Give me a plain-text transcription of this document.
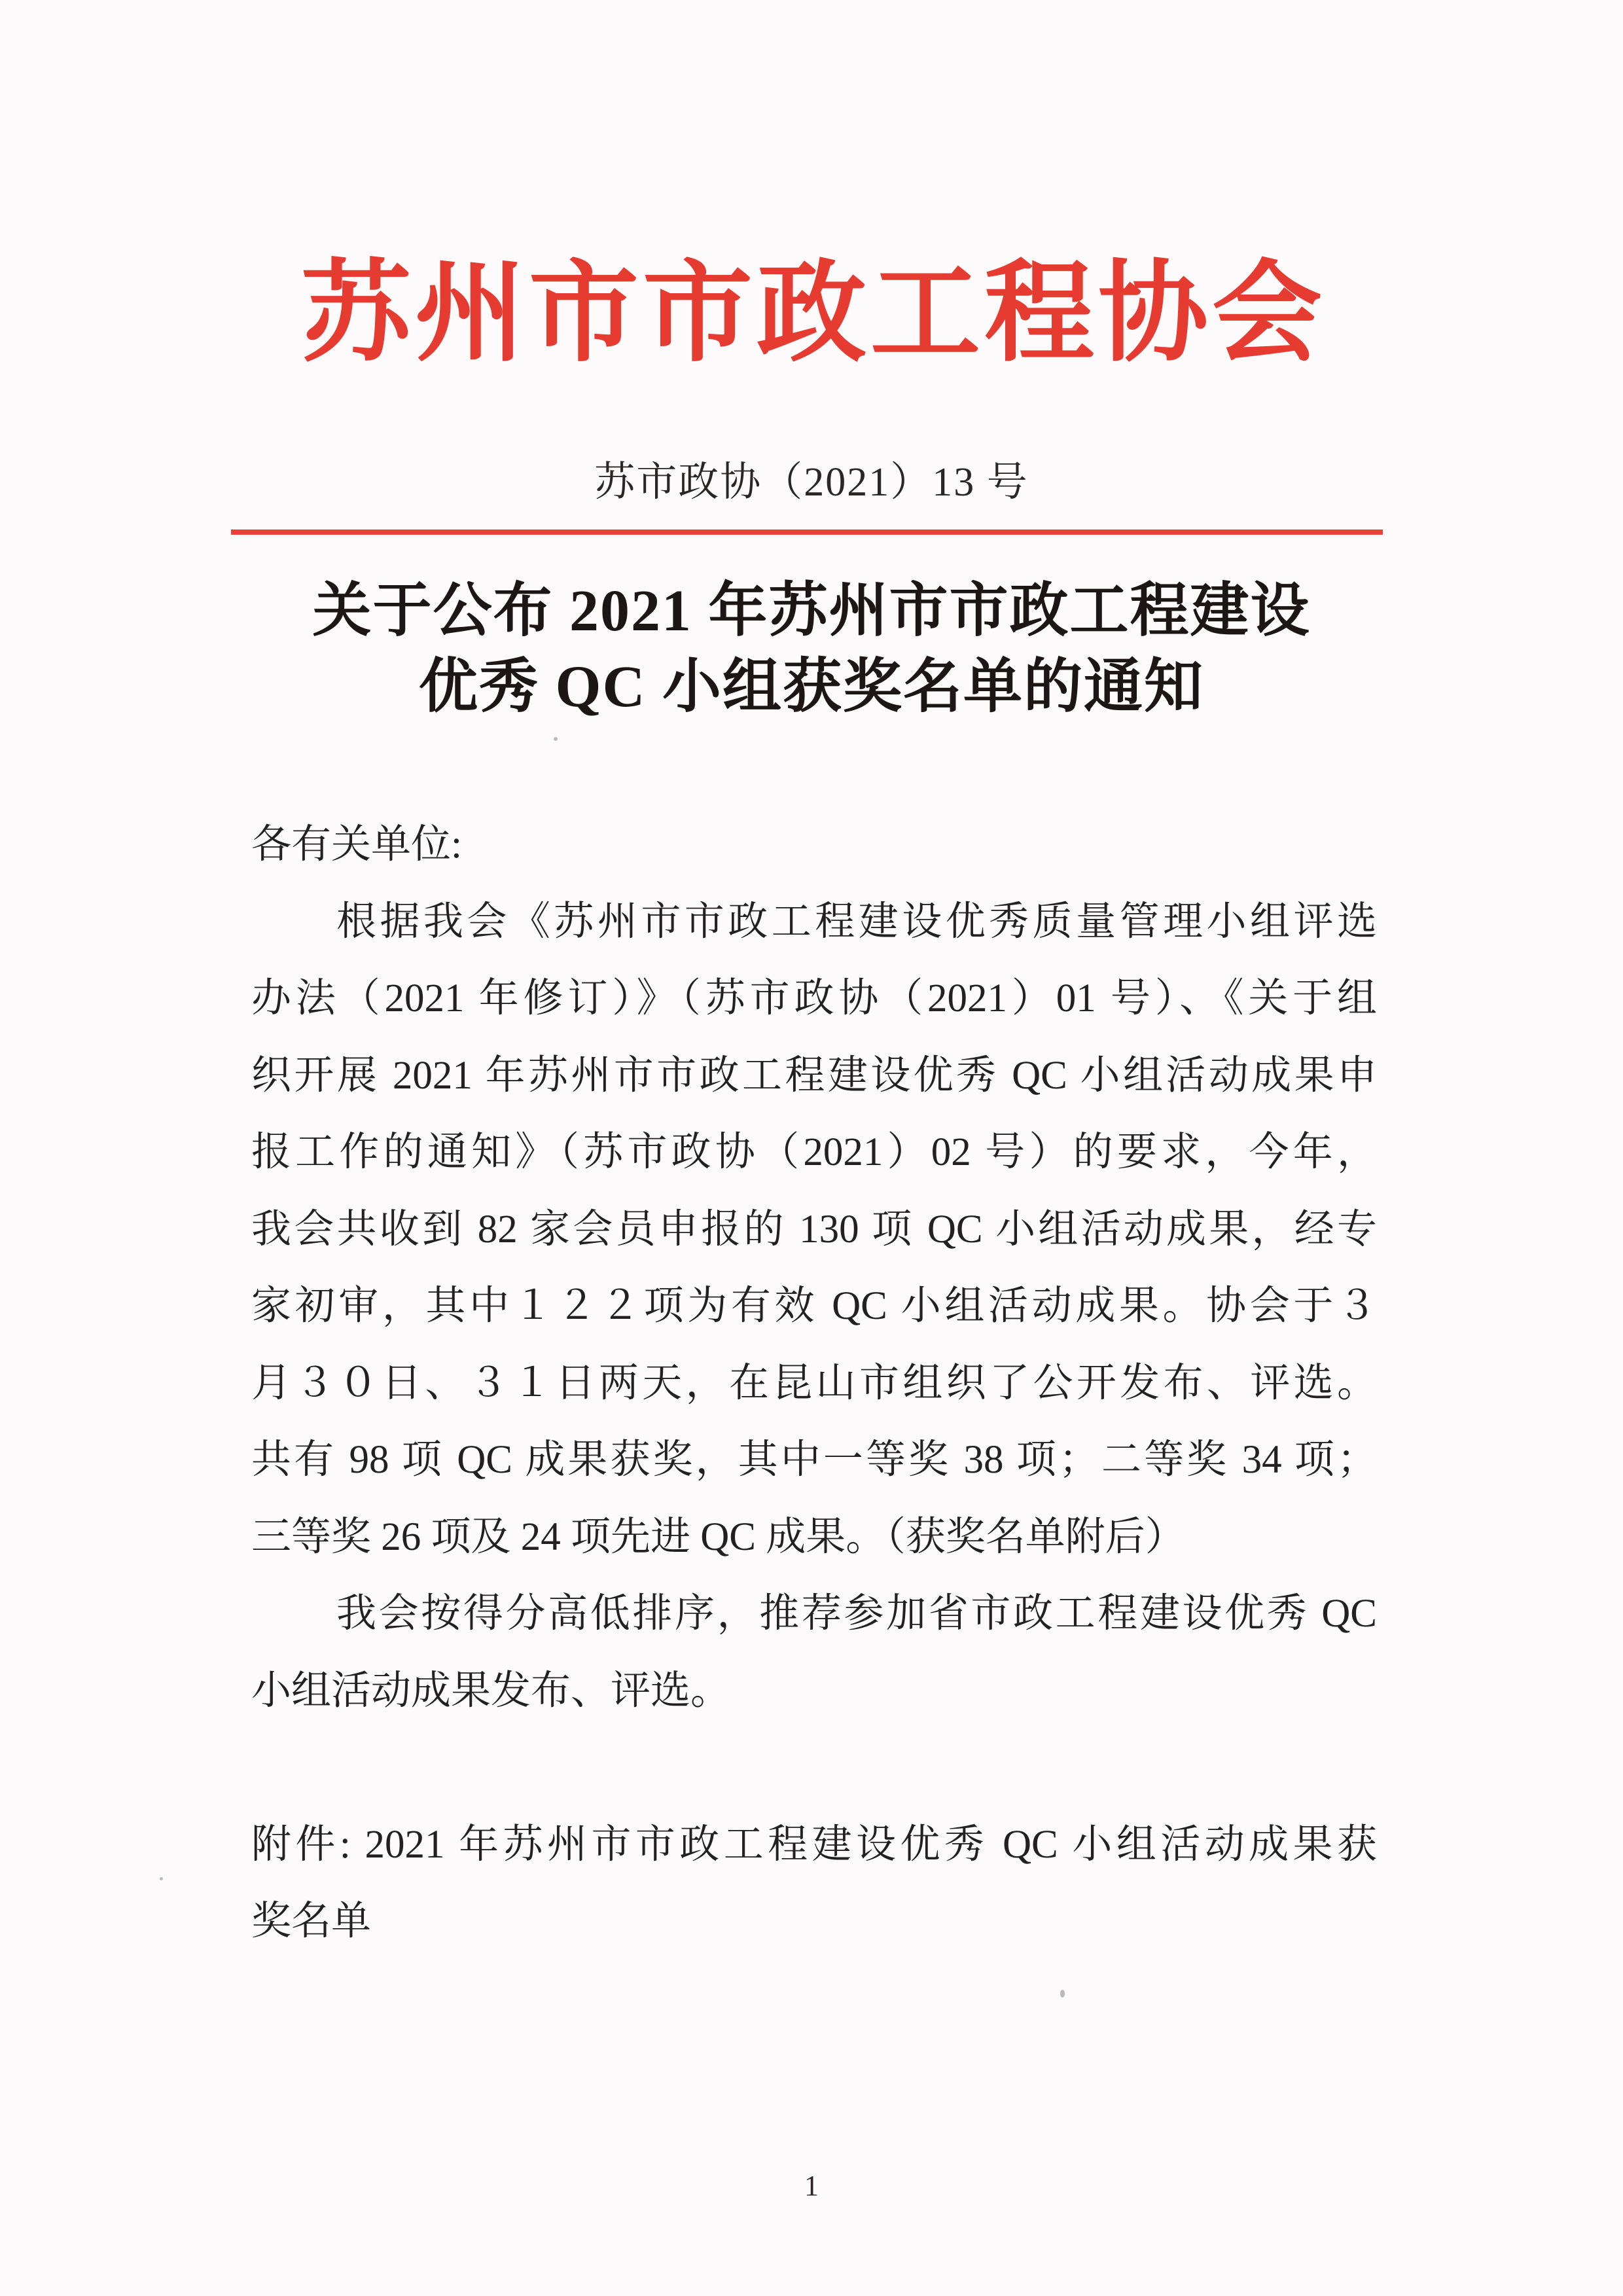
苏州市市政工程协会
苏市政协（2021）13 号
关于公布 2021 年苏州市市政工程建设
优秀 QC 小组获奖名单的通知
各有关单位:
根据我会《苏州市市政工程建设优秀质量管理小组评选
办法（2021 年修订）》（苏市政协（2021）01 号）、《关于组
织开展 2021 年苏州市市政工程建设优秀 QC 小组活动成果申
报工作的通知》（苏市政协（2021）02 号）的要求，今年，
我会共收到 82 家会员申报的 130 项 QC 小组活动成果，经专
家初审，其中１２２项为有效 QC 小组活动成果。协会于３
月３０日、３１日两天，在昆山市组织了公开发布、评选。
共有 98 项 QC 成果获奖，其中一等奖 38 项；二等奖 34 项；
三等奖 26 项及 24 项先进 QC 成果。（获奖名单附后）
我会按得分高低排序，推荐参加省市政工程建设优秀 QC
小组活动成果发布、评选。
附件: 2021 年苏州市市政工程建设优秀 QC 小组活动成果获
奖名单
1
